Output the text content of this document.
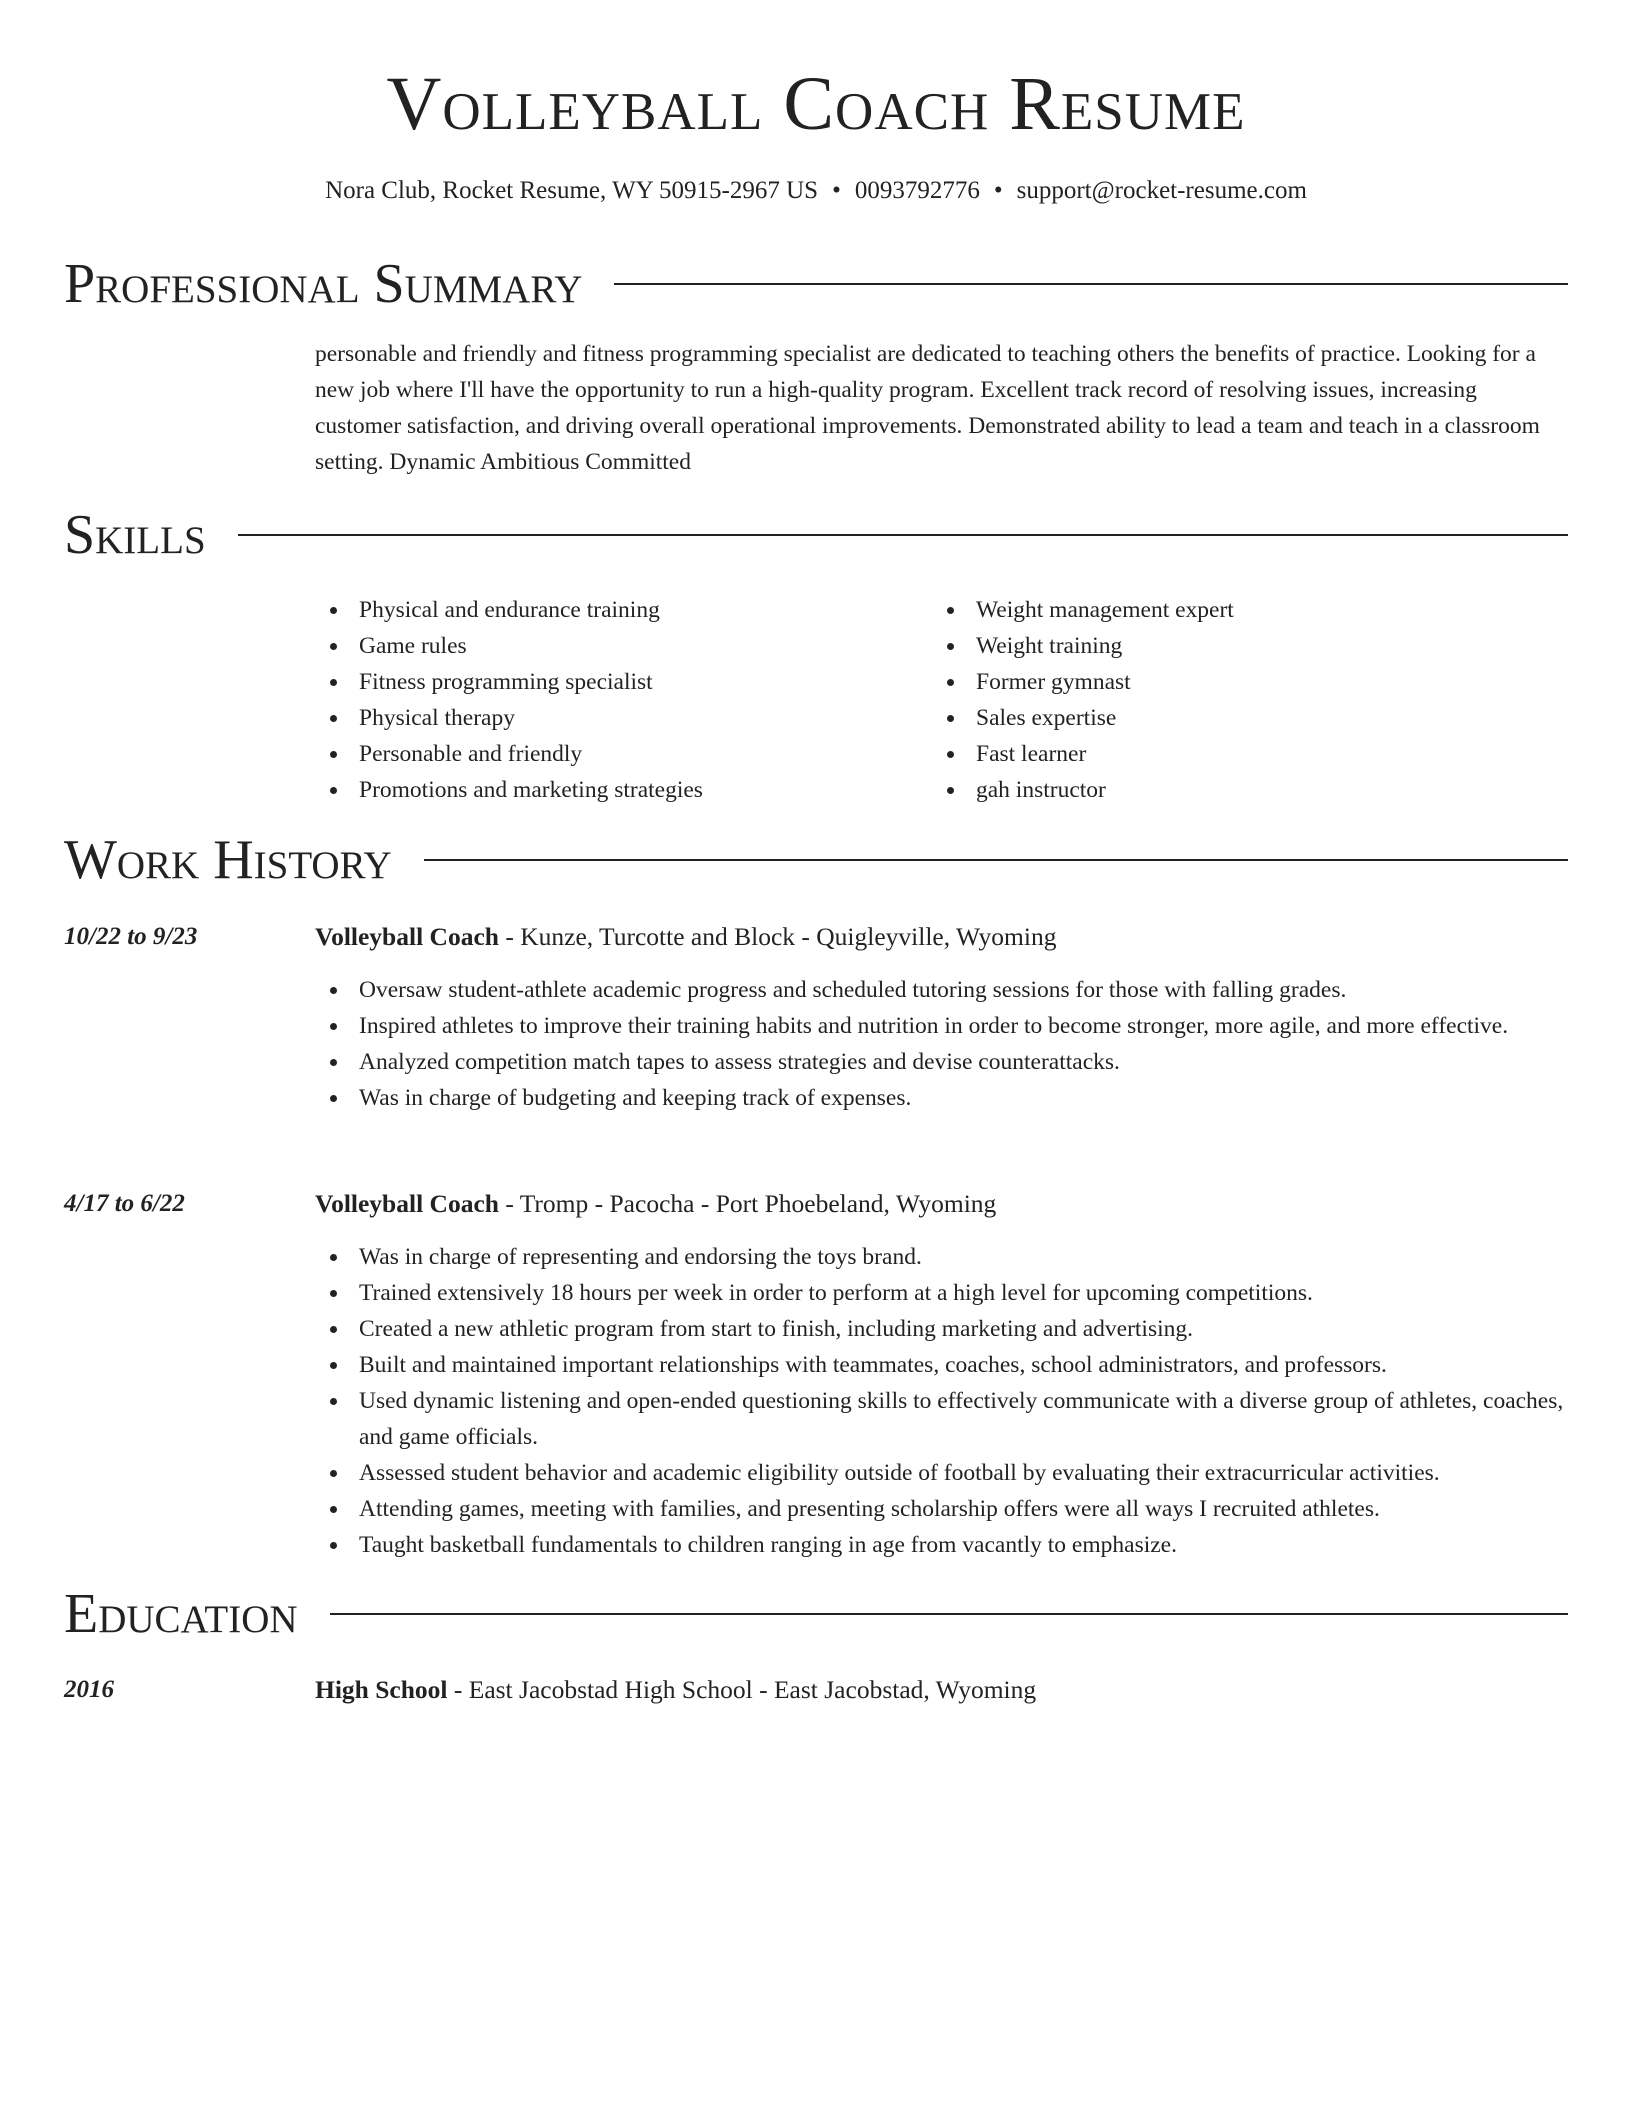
Volleyball Coach Resume
Nora Club, Rocket Resume, WY 50915-2967 US • 0093792776 • support@rocket-resume.com
Professional Summary

personable and friendly and fitness programming specialist are dedicated to teaching others the benefits of practice. Looking for a new job where I'll have the opportunity to run a high-quality program. Excellent track record of resolving issues, increasing customer satisfaction, and driving overall operational improvements. Demonstrated ability to lead a team and teach in a classroom setting. Dynamic Ambitious Committed

Skills
Physical and endurance training
Game rules
Fitness programming specialist
Physical therapy
Personable and friendly
Promotions and marketing strategies
Weight management expert
Weight training
Former gymnast
Sales expertise
Fast learner
gah instructor
Work History
10/22 to 9/23	Volleyball Coach - Kunze, Turcotte and Block - Quigleyville, Wyoming
Oversaw student-athlete academic progress and scheduled tutoring sessions for those with falling grades.
Inspired athletes to improve their training habits and nutrition in order to become stronger, more agile, and more effective.
Analyzed competition match tapes to assess strategies and devise counterattacks.
Was in charge of budgeting and keeping track of expenses.
4/17 to 6/22	Volleyball Coach - Tromp - Pacocha - Port Phoebeland, Wyoming
Was in charge of representing and endorsing the toys brand.
Trained extensively 18 hours per week in order to perform at a high level for upcoming competitions.
Created a new athletic program from start to finish, including marketing and advertising.
Built and maintained important relationships with teammates, coaches, school administrators, and professors.
Used dynamic listening and open-ended questioning skills to effectively communicate with a diverse group of athletes, coaches, and game officials.
Assessed student behavior and academic eligibility outside of football by evaluating their extracurricular activities.
Attending games, meeting with families, and presenting scholarship offers were all ways I recruited athletes.
Taught basketball fundamentals to children ranging in age from vacantly to emphasize.
Education
2016	High School - East Jacobstad High School - East Jacobstad, Wyoming
